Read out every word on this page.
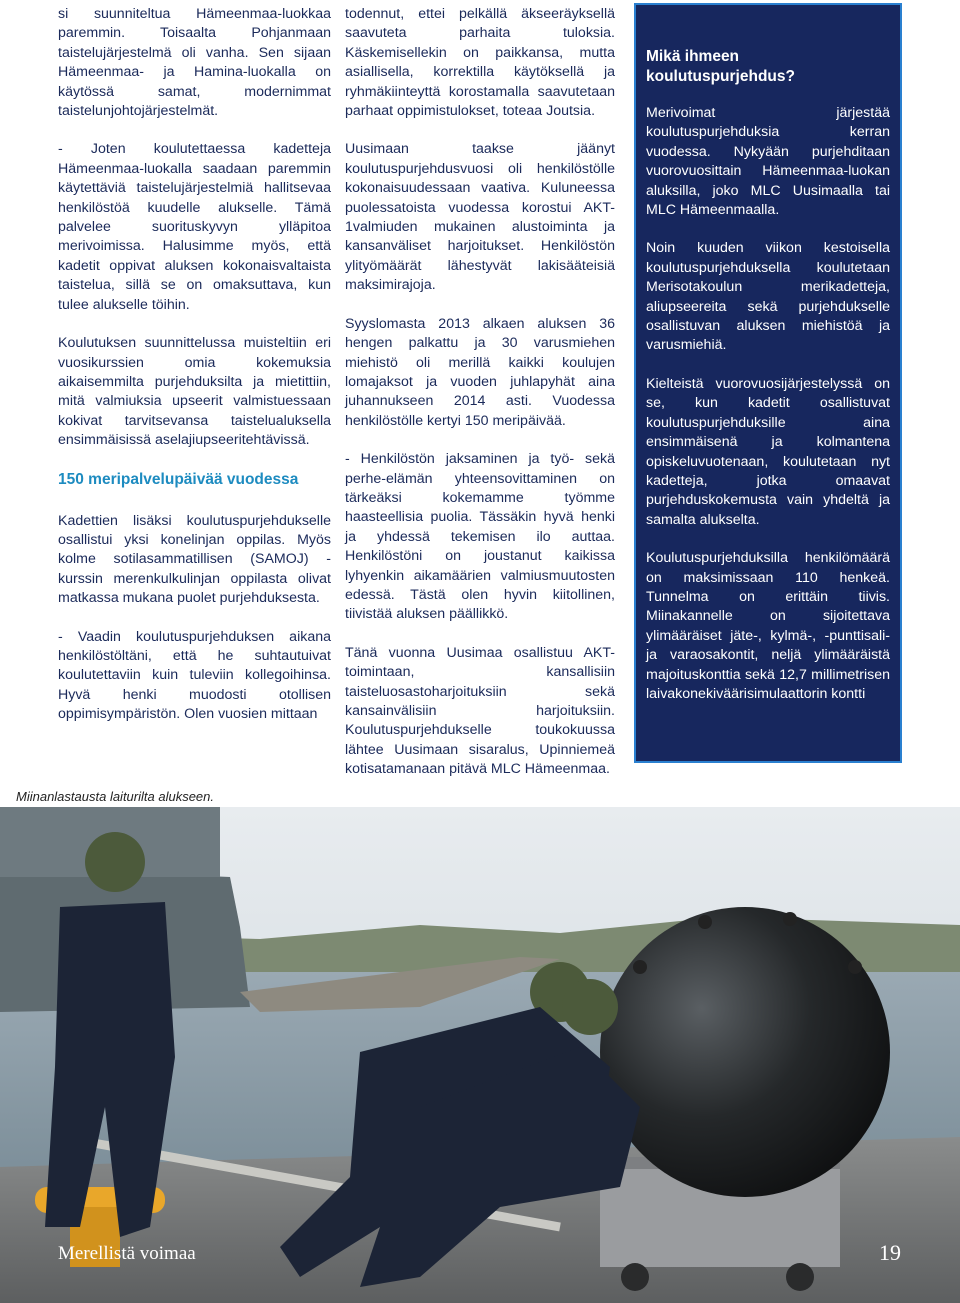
si suunniteltua Hämeenmaa-luokkaa paremmin. Toisaalta Pohjanmaan taistelujärjestelmä oli vanha. Sen sijaan Hämeenmaa- ja Hamina-luokalla on käytössä samat, modernimmat taistelunjohtojärjestelmät.

- Joten koulutettaessa kadetteja Hämeenmaa-luokalla saadaan paremmin käytettäviä taistelujärjestelmiä hallitsevaa henkilöstöä kuudelle alukselle. Tämä palvelee suorituskyvyn ylläpitoa merivoimissa. Halusimme myös, että kadetit oppivat aluksen kokonaisvaltaista taistelua, sillä se on omaksuttava, kun tulee alukselle töihin.

Koulutuksen suunnittelussa muisteltiin eri vuosikurssien omia kokemuksia aikaisemmilta purjehduksilta ja mietittiin, mitä valmiuksia upseerit valmistuessaan kokivat tarvitsevansa taistelualuksella ensimmäisissä aselajiupseeritehtävissä.

150 meripalvelupäivää vuodessa

Kadettien lisäksi koulutuspurjehdukselle osallistui yksi konelinjan oppilas. Myös kolme sotilasammatillisen (SAMOJ) -kurssin merenkulkulinjan oppilasta olivat matkassa mukana puolet purjehduksesta.

- Vaadin koulutuspurjehduksen aikana henkilöstöltäni, että he suhtautuivat koulutettaviin kuin tuleviin kollegoihinsa. Hyvä henki muodosti otollisen oppimisympäristön. Olen vuosien mittaan

todennut, ettei pelkällä äkseeräyksellä saavuteta parhaita tuloksia. Käskemisellekin on paikkansa, mutta asiallisella, korrektilla käytöksellä ja ryhmäkiinteyttä korostamalla saavutetaan parhaat oppimistulokset, toteaa Joutsia.

Uusimaan taakse jäänyt koulutuspurjehdusvuosi oli henkilöstölle kokonaisuudessaan vaativa. Kuluneessa puolessatoista vuodessa korostui AKT-1valmiuden mukainen alustoiminta ja kansanväliset harjoitukset. Henkilöstön ylityömäärät lähestyvät lakisääteisiä maksimirajoja.

Syyslomasta 2013 alkaen aluksen 36 hengen palkattu ja 30 varusmiehen miehistö oli merillä kaikki koulujen lomajaksot ja vuoden juhlapyhät aina juhannukseen 2014 asti. Vuodessa henkilöstölle kertyi 150 meripäivää.

- Henkilöstön jaksaminen ja työ- sekä perhe-elämän yhteensovittaminen on tärkeäksi kokemamme työmme haasteellisia puolia. Tässäkin hyvä henki ja yhdessä tekemisen ilo auttaa. Henkilöstöni on joustanut kaikissa lyhyenkin aikamäärien valmiusmuutosten edessä. Tästä olen hyvin kiitollinen, tiivistää aluksen päällikkö.

Tänä vuonna Uusimaa osallistuu AKT-toimintaan, kansallisiin taisteluosastoharjoituksiin sekä kansainvälisiin harjoituksiin. Koulutuspurjehdukselle toukokuussa lähtee Uusimaan sisaralus, Upinniemeä kotisatamanaan pitävä MLC Hämeenmaa.

Mikä ihmeen koulutuspurjehdus?

Merivoimat järjestää koulutuspurjehduksia kerran vuodessa. Nykyään purjehditaan vuorovuosittain Hämeenmaa-luokan aluksilla, joko MLC Uusimaalla tai MLC Hämeenmaalla.

Noin kuuden viikon kestoisella koulutuspurjehduksella koulutetaan Merisotakoulun merikadetteja, aliupseereita sekä purjehdukselle osallistuvan aluksen miehistöä ja varusmiehiä.

Kielteistä vuorovuosijärjestelyssä on se, kun kadetit osallistuvat koulutuspurjehduksille aina ensimmäisenä ja kolmantena opiskeluvuotenaan, koulutetaan nyt kadetteja, jotka omaavat purjehduskokemusta vain yhdeltä ja samalta alukselta.

Koulutuspurjehduksilla henkilömäärä on maksimissaan 110 henkeä. Tunnelma on erittäin tiivis. Miinakannelle on sijoitettava ylimääräiset jäte-, kylmä-, -punttisali- ja varaosakontit, neljä ylimääräistä majoituskonttia sekä 12,7 millimetrisen laivakonekiväärisimulaattorin kontti

Miinanlastausta laiturilta alukseen.
Merellistä voimaa	19
